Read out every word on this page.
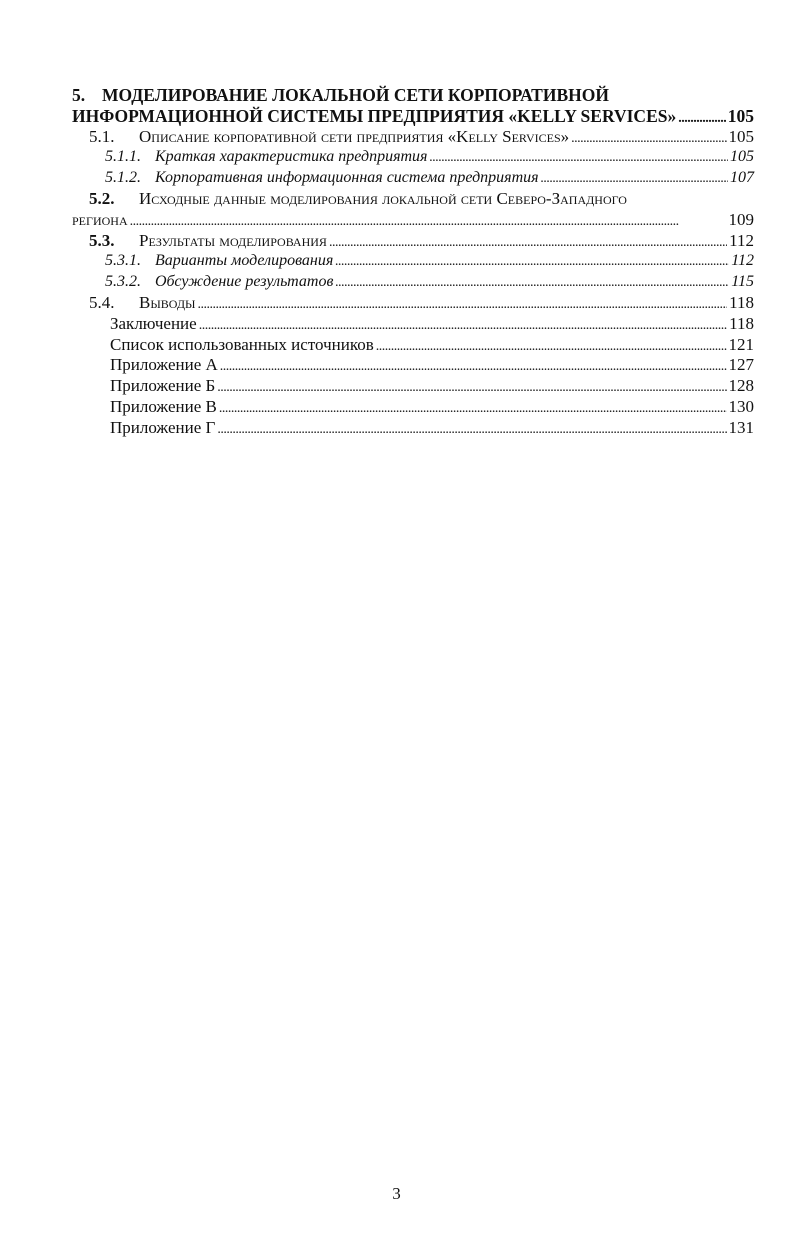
5. МОДЕЛИРОВАНИЕ ЛОКАЛЬНОЙ СЕТИ КОРПОРАТИВНОЙ
ИНФОРМАЦИОННОЙ СИСТЕМЫ ПРЕДПРИЯТИЯ «KELLY SERVICES» . . .	105
5.1. Описание корпоративной сети предприятия «Kelly Services» . . .	105
5.1.1. Краткая характеристика предприятия . . .	105
5.1.2. Корпоративная информационная система предприятия . . .	107
5.2. Исходные данные моделирования локальной сети Северо-Западного
региона . . .	109
5.3. Результаты моделирования . . .	112
5.3.1. Варианты моделирования . . .	112
5.3.2. Обсуждение результатов . . .	115
5.4. Выводы . . .	118
Заключение . . .	118
Список использованных источников . . .	121
Приложение А . . .	127
Приложение Б . . .	128
Приложение В . . .	130
Приложение Г . . .	131
3
